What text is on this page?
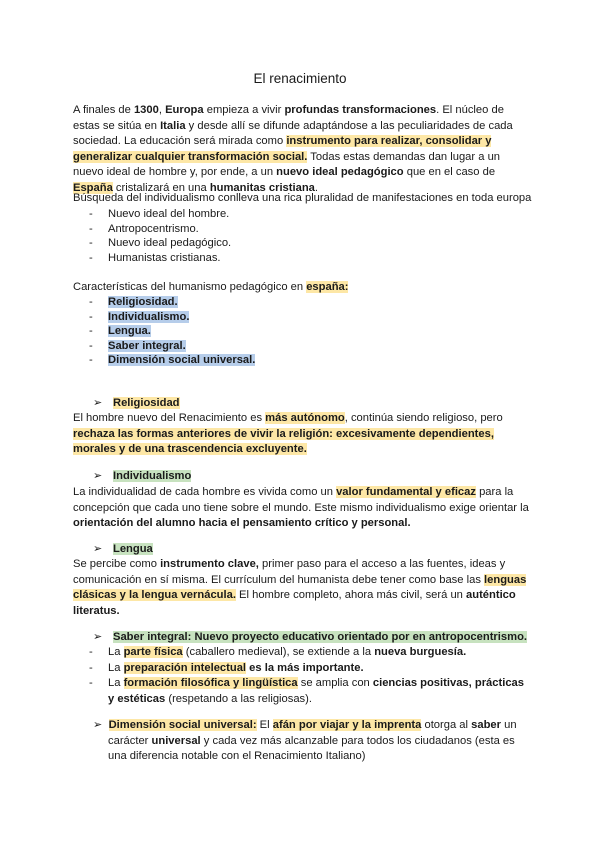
El renacimiento
A finales de 1300, Europa empieza a vivir profundas transformaciones. El núcleo de estas se sitúa en Italia y desde allí se difunde adaptándose a las peculiaridades de cada sociedad. La educación será mirada como instrumento para realizar, consolidar y generalizar cualquier transformación social. Todas estas demandas dan lugar a un nuevo ideal de hombre y, por ende, a un nuevo ideal pedagógico que en el caso de España cristalizará en una humanitas cristiana.
Búsqueda del individualismo conlleva una rica pluralidad de manifestaciones en toda europa
- Nuevo ideal del hombre.
- Antropocentrismo.
- Nuevo ideal pedagógico.
- Humanistas cristianas.
Características del humanismo pedagógico en españa:
- Religiosidad.
- Individualismo.
- Lengua.
- Saber integral.
- Dimensión social universal.
➢ Religiosidad
El hombre nuevo del Renacimiento es más autónomo, continúa siendo religioso, pero rechaza las formas anteriores de vivir la religión: excesivamente dependientes, morales y de una trascendencia excluyente.
➢ Individualismo
La individualidad de cada hombre es vivida como un valor fundamental y eficaz para la concepción que cada uno tiene sobre el mundo. Este mismo individualismo exige orientar la orientación del alumno hacia el pensamiento crítico y personal.
➢ Lengua
Se percibe como instrumento clave, primer paso para el acceso a las fuentes, ideas y comunicación en sí misma. El currículum del humanista debe tener como base las lenguas clásicas y la lengua vernácula. El hombre completo, ahora más civil, será un auténtico literatus.
➢ Saber integral: Nuevo proyecto educativo orientado por en antropocentrismo.
- La parte física (caballero medieval), se extiende a la nueva burguesía.
- La preparación intelectual es la más importante.
- La formación filosófica y lingüística se amplia con ciencias positivas, prácticas y estéticas (respetando a las religiosas).
➢ Dimensión social universal: El afán por viajar y la imprenta otorga al saber un carácter universal y cada vez más alcanzable para todos los ciudadanos (esta es una diferencia notable con el Renacimiento Italiano)
